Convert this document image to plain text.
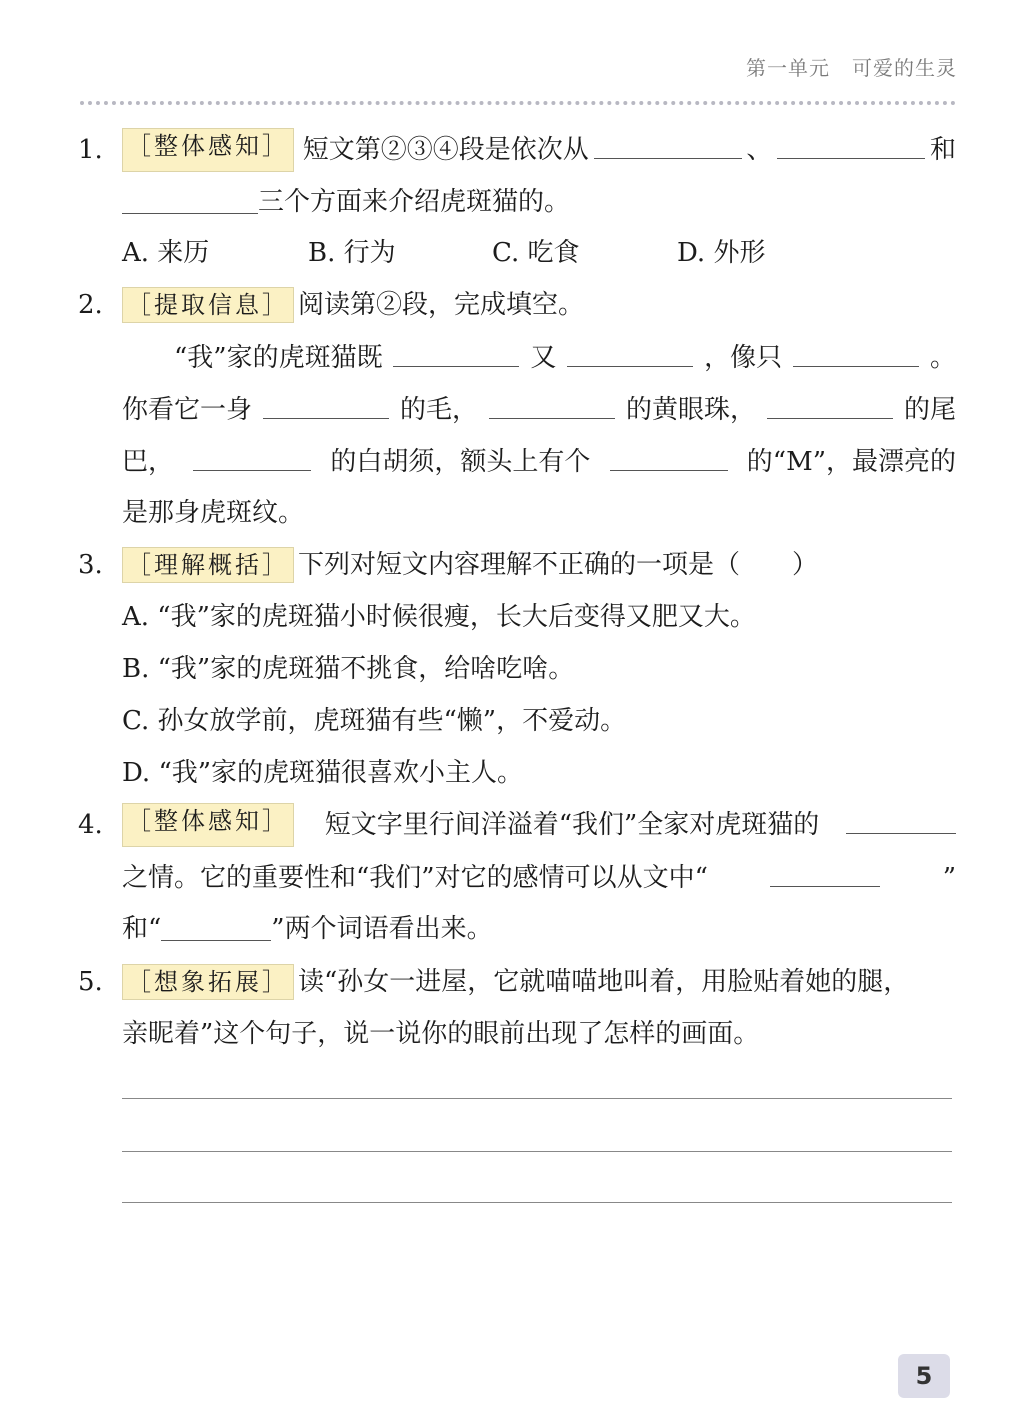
第一单元 可爱的生灵
1. ［整体感知］ 短文第②③④段是依次从	、	和
三个方面来介绍虎斑猫的。
A. 来历	B. 行为	C. 吃食	D. 外形
2. ［提取信息］ 阅读第②段，完成填空。
“我”家的虎斑猫既	又	，像只	。
你看它一身	的毛，	的黄眼珠，	的尾
巴，	的白胡须，额头上有个	的“M”，最漂亮的
是那身虎斑纹。
3. ［理解概括］ 下列对短文内容理解不正确的一项是（　　）
A. “我”家的虎斑猫小时候很瘦，长大后变得又肥又大。
B. “我”家的虎斑猫不挑食，给啥吃啥。
C. 孙女放学前，虎斑猫有些“懒”，不爱动。
D. “我”家的虎斑猫很喜欢小主人。
4. ［整体感知］ 短文字里行间洋溢着“我们”全家对虎斑猫的
之情。它的重要性和“我们”对它的感情可以从文中“	”
和“	”两个词语看出来。
5. ［想象拓展］ 读“孙女一进屋，它就喵喵地叫着，用脸贴着她的腿，
亲昵着”这个句子，说一说你的眼前出现了怎样的画面。
5
